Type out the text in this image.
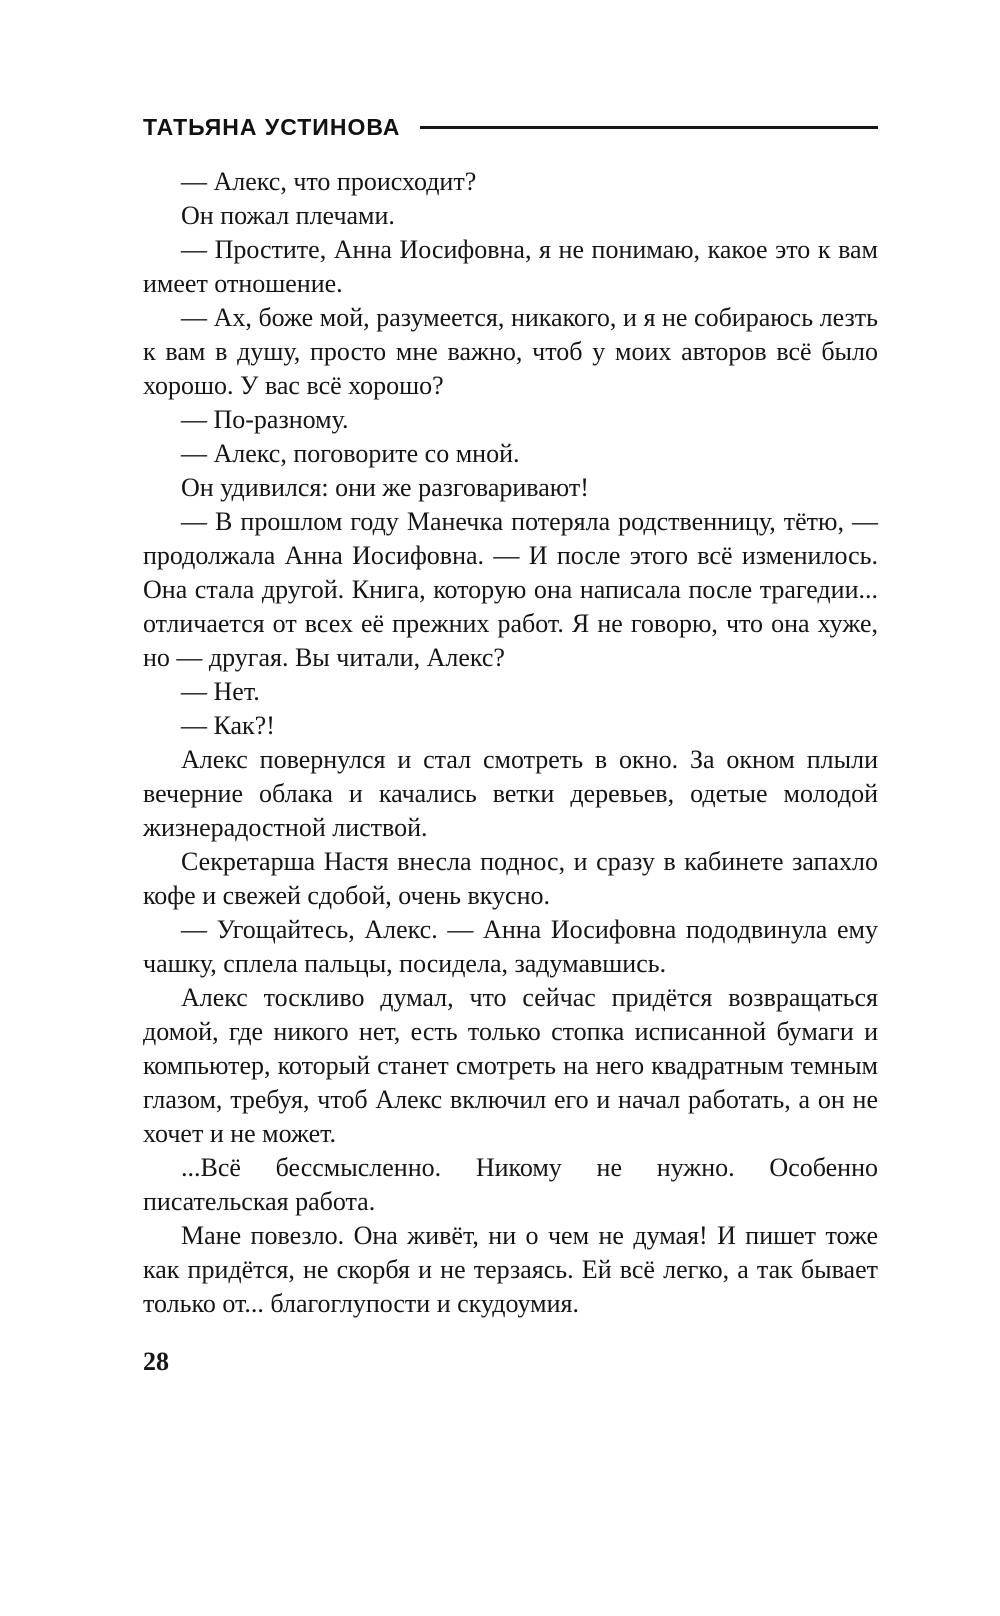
ТАТЬЯНА УСТИНОВА

— Алекс, что происходит?

Он пожал плечами.

— Простите, Анна Иосифовна, я не понимаю, какое это к вам имеет отношение.

— Ах, боже мой, разумеется, никакого, и я не собираюсь лезть к вам в душу, просто мне важно, чтоб у моих авторов всё было хорошо. У вас всё хорошо?

— По-разному.

— Алекс, поговорите со мной.

Он удивился: они же разговаривают!

— В прошлом году Манечка потеряла родственницу, тётю, — продолжала Анна Иосифовна. — И после этого всё изменилось. Она стала другой. Книга, которую она написала после трагедии... отличается от всех её прежних работ. Я не говорю, что она хуже, но — другая. Вы читали, Алекс?

— Нет.

— Как?!

Алекс повернулся и стал смотреть в окно. За окном плыли вечерние облака и качались ветки деревьев, одетые молодой жизнерадостной листвой.

Секретарша Настя внесла поднос, и сразу в кабинете запахло кофе и свежей сдобой, очень вкусно.

— Угощайтесь, Алекс. — Анна Иосифовна пододвинула ему чашку, сплела пальцы, посидела, задумавшись.

Алекс тоскливо думал, что сейчас придётся возвращаться домой, где никого нет, есть только стопка исписанной бумаги и компьютер, который станет смотреть на него квадратным темным глазом, требуя, чтоб Алекс включил его и начал работать, а он не хочет и не может.

...Всё бессмысленно. Никому не нужно. Особенно писательская работа.

Мане повезло. Она живёт, ни о чем не думая! И пишет тоже как придётся, не скорбя и не терзаясь. Ей всё легко, а так бывает только от... благоглупости и скудоумия.

28
